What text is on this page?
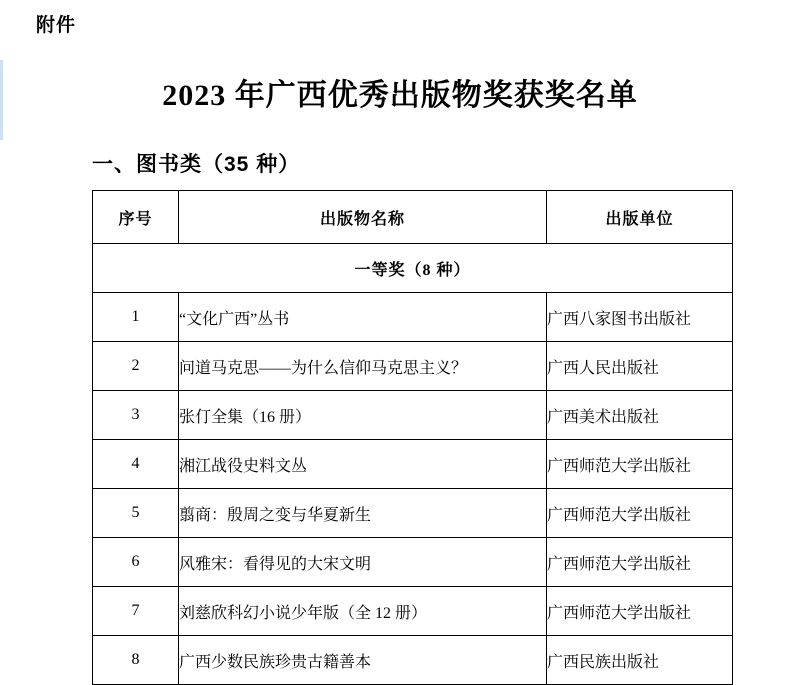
附件
2023 年广西优秀出版物奖获奖名单
一、图书类（35 种）
序号	出版物名称	出版单位
一等奖（8 种）		
1	“文化广西”丛书	广西八家图书出版社
2	问道马克思——为什么信仰马克思主义？	广西人民出版社
3	张仃全集（16 册）	广西美术出版社
4	湘江战役史料文丛	广西师范大学出版社
5	翦商：殷周之变与华夏新生	广西师范大学出版社
6	风雅宋：看得见的大宋文明	广西师范大学出版社
7	刘慈欣科幻小说少年版（全 12 册）	广西师范大学出版社
8	广西少数民族珍贵古籍善本	广西民族出版社
